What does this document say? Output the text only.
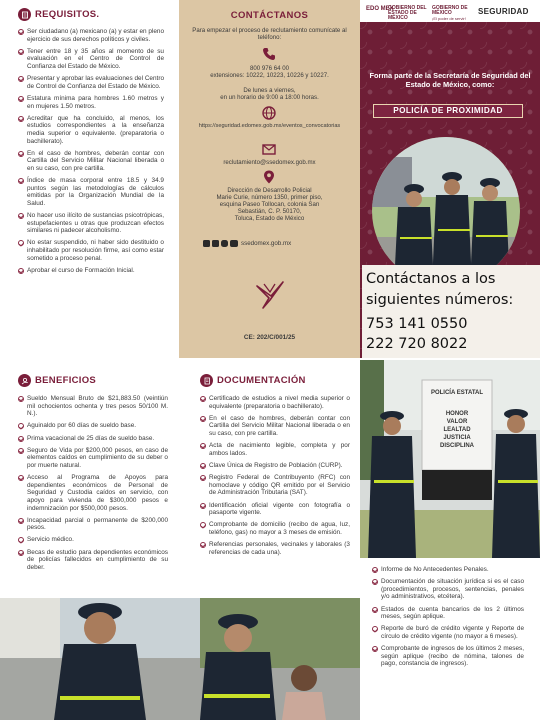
REQUISITOS.
Ser ciudadano (a) mexicano (a) y estar en pleno ejercicio de sus derechos políticos y civiles.
Tener entre 18 y 35 años al momento de su evaluación en el Centro de Control de Confianza del Estado de México.
Presentar y aprobar las evaluaciones del Centro de Control de Confianza del Estado de México.
Estatura mínima para hombres 1.60 metros y en mujeres 1.50 metros.
Acreditar que ha concluido, al menos, los estudios correspondientes a la enseñanza media superior o equivalente. (preparatoria o bachillerato).
En el caso de hombres, deberán contar con Cartilla del Servicio Militar Nacional liberada o en su caso, con pre cartilla.
Índice de masa corporal entre 18.5 y 34.9 puntos según las metodologías de cálculos emitidas por la Organización Mundial de la Salud.
No hacer uso ilícito de sustancias psicotrópicas, estupefacientes u otras que produzcan efectos similares ni padecer alcoholismo.
No estar suspendido, ni haber sido destituido o inhabilitado por resolución firme, así como estar sometido a proceso penal.
Aprobar el curso de Formación Inicial.
CONTÁCTANOS
Para empezar el proceso de reclutamiento comunícate al teléfono:
800 976 64 00
extensiones: 10222, 10223, 10226 y 10227.
De lunes a viernes,
en un horario de 9:00 a 18:00 horas.
https://seguridad.edomex.gob.mx/eventos_convocatorias
reclutamiento@ssedomex.gob.mx
Dirección de Desarrollo Policial
Marie Curie, número 1350, primer piso,
esquina Paseo Tollocan, colonia San
Sebastián, C. P. 50170,
Toluca, Estado de México
ssedomex.gob.mx
CE: 202/C/001/25
EDO MEX
GOBIERNO DEL ESTADO DE MÉXICO
GOBIERNO DE MÉXICO
¡El poder de servir!
SEGURIDAD
Forma parte de la Secretaría de Seguridad del Estado de México, como:
POLICÍA DE PROXIMIDAD
Contáctanos a los siguientes números:
753 141 0550
222 720 8022
BENEFICIOS
Sueldo Mensual Bruto de $21,883.50 (veintiún mil ochocientos ochenta y tres pesos 50/100 M. N.).
Aguinaldo por 60 días de sueldo base.
Prima vacacional de 25 días de sueldo base.
Seguro de Vida por $200,000 pesos, en caso de elementos caídos en cumplimiento de su deber o por muerte natural.
Acceso al Programa de Apoyos para dependientes económicos de Personal de Seguridad y Custodia caídos en servicio, con apoyo para vivienda de $300,000 pesos e indemnización por $500,000 pesos.
Incapacidad parcial o permanente de $200,000 pesos.
Servicio médico.
Becas de estudio para dependientes económicos de policías fallecidos en cumplimiento de su deber.
DOCUMENTACIÓN
Certificado de estudios a nivel media superior o equivalente (preparatoria o bachillerato).
En el caso de hombres, deberán contar con Cartilla del Servicio Militar Nacional liberada o en su caso, con pre cartilla.
Acta de nacimiento legible, completa y por ambos lados.
Clave Única de Registro de Población (CURP).
Registro Federal de Contribuyento (RFC) con homoclave y código QR emitido por el Servicio de Administración Tributaria (SAT).
Identificación oficial vigente con fotografía o pasaporte vigente.
Comprobante de domicilio (recibo de agua, luz, teléfono, gas) no mayor a 3 meses de emisión.
Referencias personales, vecinales y laborales (3 referencias de cada una).
POLICÍA ESTATAL
HONOR
VALOR
LEALTAD
JUSTICIA
DISCIPLINA
Informe de No Antecedentes Penales.
Documentación de situación jurídica si es el caso (procedimientos, procesos, sentencias, penales y/o administrativos, etcétera).
Estados de cuenta bancarios de los 2 últimos meses, según aplique.
Reporte de buró de crédito vigente y Reporte de círculo de crédito vigente (no mayor a 6 meses).
Comprobante de ingresos de los últimos 2 meses, según aplique (recibo de nómina, talones de pago, constancia de ingresos).
